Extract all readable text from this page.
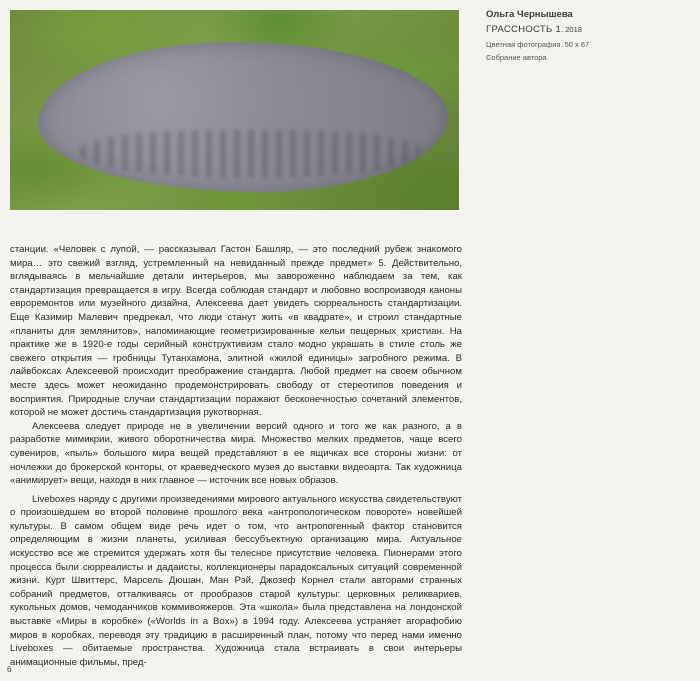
Ольга Чернышева
ГРАССНОСТЬ 1. 2018
Цветная фотография. 50 х 67
Собрание автора

станции. «Человек с лупой, — рассказывал Гастон Башляр, — это последний рубеж знакомого мира… это свежий взгляд, устремленный на невиданный прежде предмет» 5. Действительно, вглядываясь в мельчайшие детали интерьеров, мы завороженно наблюдаем за тем, как стандартизация превращается в игру. Всегда соблюдая стандарт и любовно воспроизводя каноны евроремонтов или музейного дизайна, Алексеева дает увидеть сюрреальность стандартизации. Еще Казимир Малевич предрекал, что люди станут жить «в квадрате», и строил стандартные «планиты для землянитов», напоминающие геометризированные кельи пещерных христиан. На практике же в 1920-е годы серийный конструктивизм стало модно украшать в стиле столь же свежего открытия — гробницы Тутанхамона, элитной «жилой единицы» загробного режима. В лайвбоксах Алексеевой происходит преображение стандарта. Любой предмет на своем обычном месте здесь может неожиданно продемонстрировать свободу от стереотипов поведения и восприятия. Природные случаи стандартизации поражают бесконечностью сочетаний элементов, которой не может достичь стандартизация рукотворная.

Алексеева следует природе не в увеличении версий одного и того же как разного, а в разработке мимикрии, живого оборотничества мира. Множество мелких предметов, чаще всего сувениров, «пыль» большого мира вещей представляют в ее ящичках все стороны жизни: от ночлежки до брокерской конторы, от краеведческого музея до выставки видеоарта. Так художница «анимирует» вещи, находя в них главное — источник все новых образов.

Liveboxes наряду с другими произведениями мирового актуального искусства свидетельствуют о произошедшем во второй половине прошлого века «антропологическом повороте» новейшей культуры. В самом общем виде речь идет о том, что антропогенный фактор становится определяющим в жизни планеты, усиливая бессубъектную организацию мира. Актуальное искусство все же стремится удержать хотя бы телесное присутствие человека. Пионерами этого процесса были сюрреалисты и дадаисты, коллекционеры парадоксальных ситуаций современной жизни. Курт Швиттерс, Марсель Дюшан, Ман Рэй, Джозеф Корнел стали авторами странных собраний предметов, отталкиваясь от прообразов старой культуры: церковных реликвариев, кукольных домов, чемоданчиков коммивояжеров. Эта «школа» была представлена на лондонской выставке «Миры в коробке» («Worlds in a Box») в 1994 году. Алексеева устраняет агорафобию миров в коробках, переводя эту традицию в расширенный план, потому что перед нами именно Liveboxes — обитаемые пространства. Художница стала встраивать в свои интерьеры анимационные фильмы, пред-

6
